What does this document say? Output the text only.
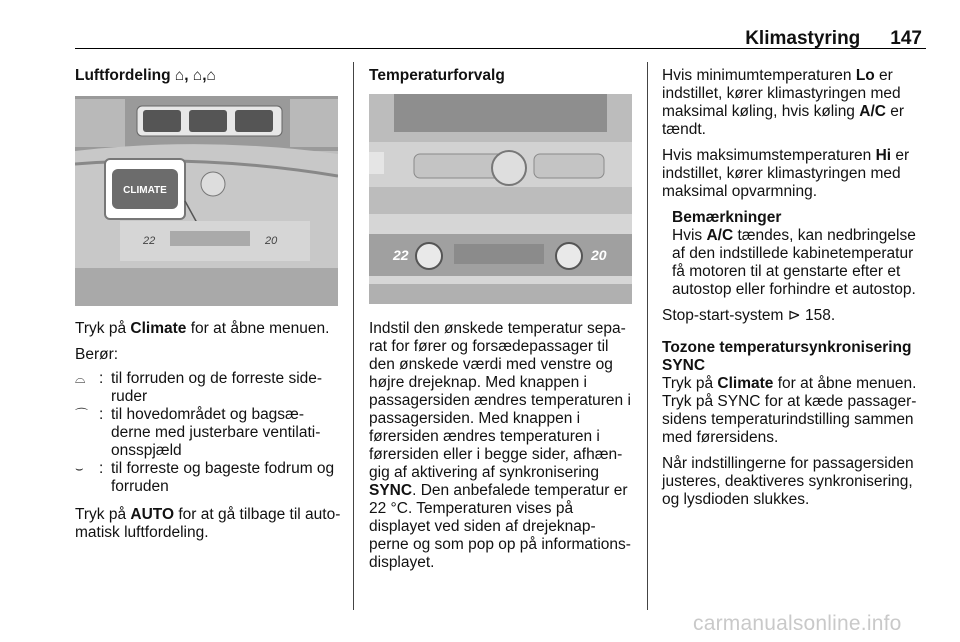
Klimastyring 147

Luftfordeling ⌂, ⌂,⌂

CLIMATE
22	20

Tryk på Climate for at åbne menuen.

Berør:

⌓ : til forruden og de forreste side-ruder
⌒ : til hovedområdet og bagsæ-derne med justerbare ventilati-onsspjæld
⌣ : til forreste og bageste fodrum og forruden

Tryk på AUTO for at gå tilbage til auto-matisk luftfordeling.

Temperaturforvalg

22	20

Indstil den ønskede temperatur sepa-rat for fører og forsædepassager til den ønskede værdi med venstre og højre drejeknap. Med knappen i passagersiden ændres temperaturen i passagersiden. Med knappen i førersiden ændres temperaturen i førersiden eller i begge sider, afhæn-gig af aktivering af synkronisering SYNC. Den anbefalede temperatur er 22 °C. Temperaturen vises på displayet ved siden af drejeknap-perne og som pop op på informations-displayet.

Hvis minimumtemperaturen Lo er indstillet, kører klimastyringen med maksimal køling, hvis køling A/C er tændt.

Hvis maksimumstemperaturen Hi er indstillet, kører klimastyringen med maksimal opvarmning.

Bemærkninger

Hvis A/C tændes, kan nedbringelse af den indstillede kabinetemperatur få motoren til at genstarte efter et autostop eller forhindre et autostop.

Stop-start-system ⊳ 158.

Tozone temperatursynkronisering SYNC

Tryk på Climate for at åbne menuen. Tryk på SYNC for at kæde passager-sidens temperaturindstilling sammen med førersidens.

Når indstillingerne for passagersiden justeres, deaktiveres synkronisering, og lysdioden slukkes.

carmanualsonline.info
